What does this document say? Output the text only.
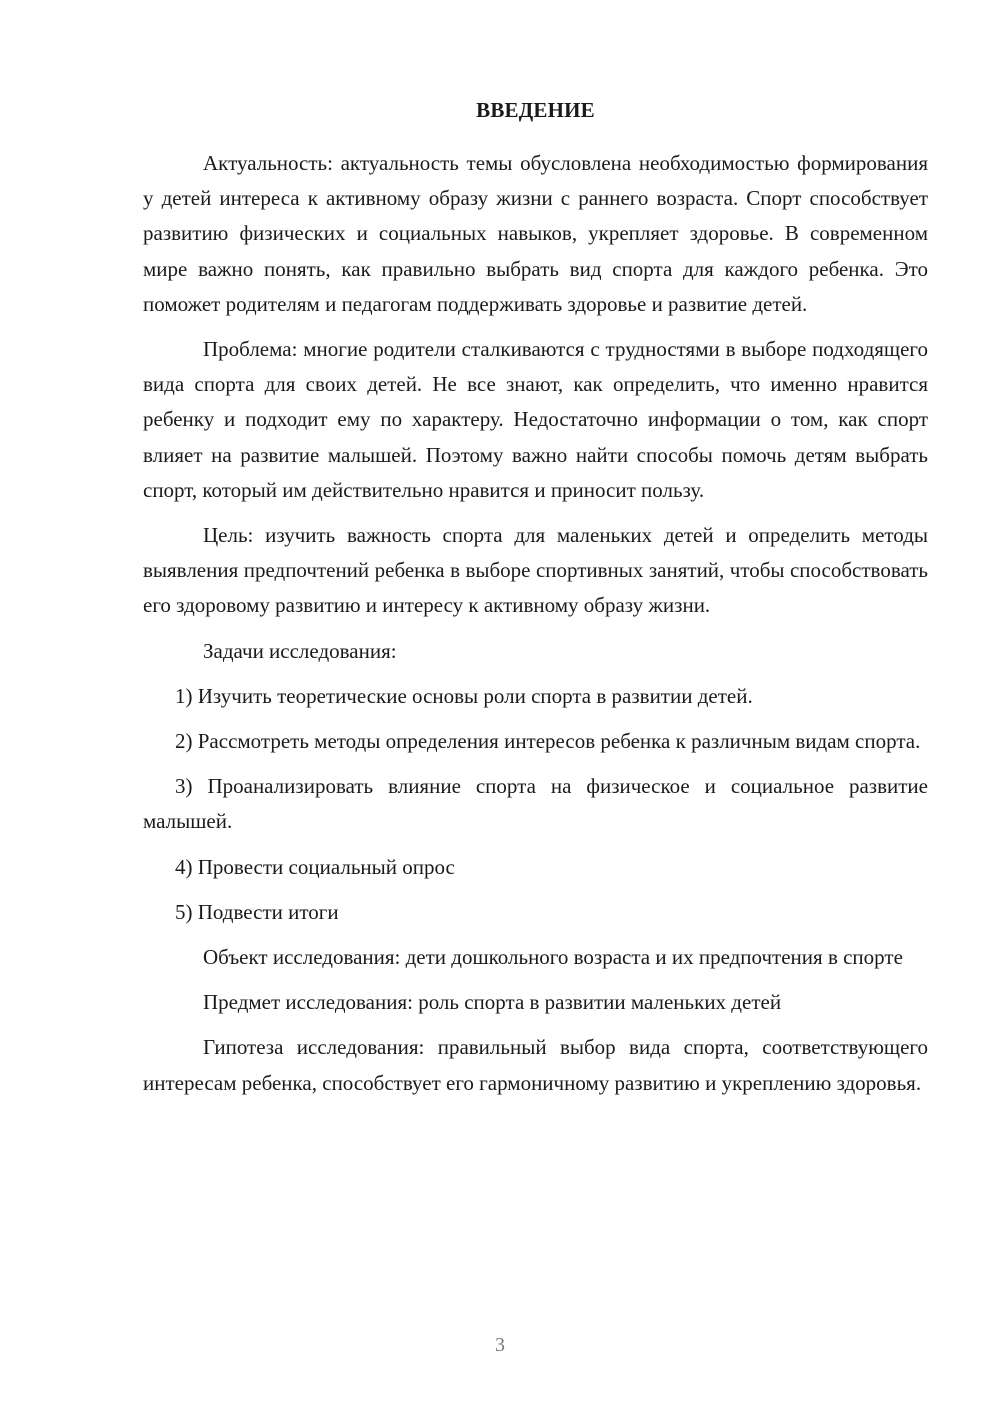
ВВЕДЕНИЕ

Актуальность: актуальность темы обусловлена необходимостью формирования у детей интереса к активному образу жизни с раннего возраста. Спорт способствует развитию физических и социальных навыков, укрепляет здоровье. В современном мире важно понять, как правильно выбрать вид спорта для каждого ребенка. Это поможет родителям и педагогам поддерживать здоровье и развитие детей.

Проблема: многие родители сталкиваются с трудностями в выборе подходящего вида спорта для своих детей. Не все знают, как определить, что именно нравится ребенку и подходит ему по характеру. Недостаточно информации о том, как спорт влияет на развитие малышей. Поэтому важно найти способы помочь детям выбрать спорт, который им действительно нравится и приносит пользу.

Цель: изучить важность спорта для маленьких детей и определить методы выявления предпочтений ребенка в выборе спортивных занятий, чтобы способствовать его здоровому развитию и интересу к активному образу жизни.

Задачи исследования:

1) Изучить теоретические основы роли спорта в развитии детей.

2) Рассмотреть методы определения интересов ребенка к различным видам спорта.

3) Проанализировать влияние спорта на физическое и социальное развитие малышей.

4) Провести социальный опрос

5) Подвести итоги

Объект исследования: дети дошкольного возраста и их предпочтения в спорте

Предмет исследования: роль спорта в развитии маленьких детей

Гипотеза исследования: правильный выбор вида спорта, соответствующего интересам ребенка, способствует его гармоничному развитию и укреплению здоровья.

3
